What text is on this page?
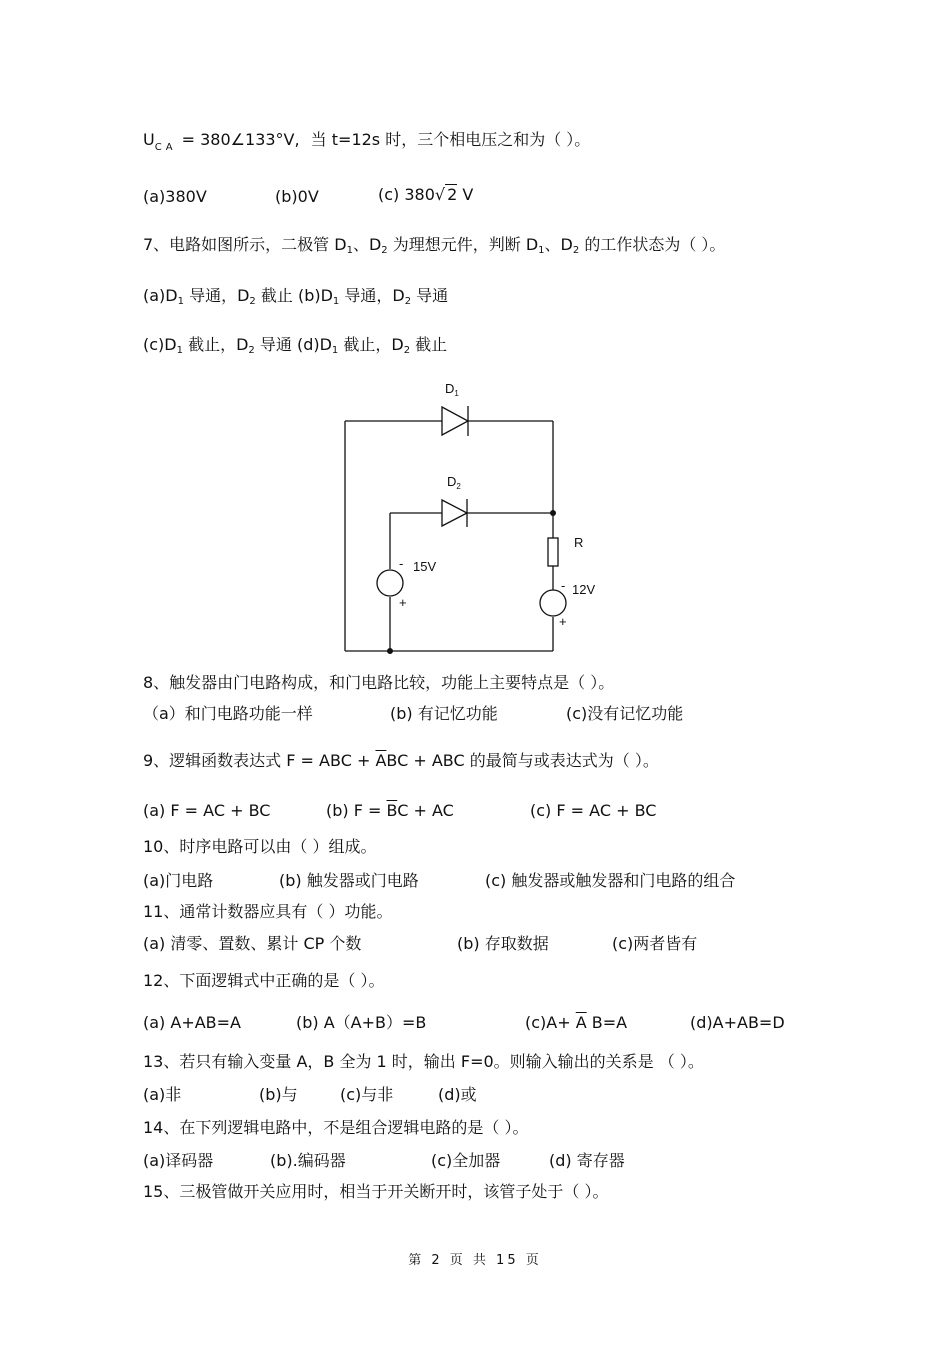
$U_{CA}$ = 380∠133°V, 当 t=12s 时，三个相电压之和为（ ）。
(a)380V	(b)0V	(c) 380√ 2 V
7、电路如图所示，二极管 $D_1$、$D_2$ 为理想元件，判断 $D_1$、$D_2$ 的工作状态为（ ）。
$(a)D_1$ 导通，$D_2$ 截止 $(b)D_1$ 导通，$D_2$ 导通
$(c)D_1$ 截止，$D_2$ 导通 $(d)D_1$ 截止，$D_2$ 截止
$D_1$
$D_2$
R
- 15V
+
- 12V
+
8、触发器由门电路构成，和门电路比较，功能上主要特点是（ ）。
（a）和门电路功能一样	(b) 有记忆功能	(c)没有记忆功能
9、逻辑函数表达式 F = ABC + $\overline{A}BC$ + ABC 的最简与或表达式为（ ）。
(a) F = AC + BC	(b) $F = \overline{B}C$ + AC	(c) F = AC + BC
10、时序电路可以由（ ）组成。
(a)门电路	(b) 触发器或门电路	(c) 触发器或触发器和门电路的组合
11、通常计数器应具有（ ）功能。
(a) 清零、置数、累计 CP 个数	(b) 存取数据	(c)两者皆有
12、下面逻辑式中正确的是（ ）。
(a) A+AB=A	(b) A（A+B）=B	$(c)A+ \overline{A}$ B=A	(d)A+AB=D
13、若只有输入变量 A，B 全为 1 时，输出 F=0。则输入输出的关系是 （ ）。
(a)非	(b)与	(c)与非	(d)或
14、在下列逻辑电路中，不是组合逻辑电路的是（ ）。
(a)译码器	(b).编码器	(c)全加器	(d) 寄存器
15、三极管做开关应用时，相当于开关断开时，该管子处于（ ）。
第 2 页 共 15 页
